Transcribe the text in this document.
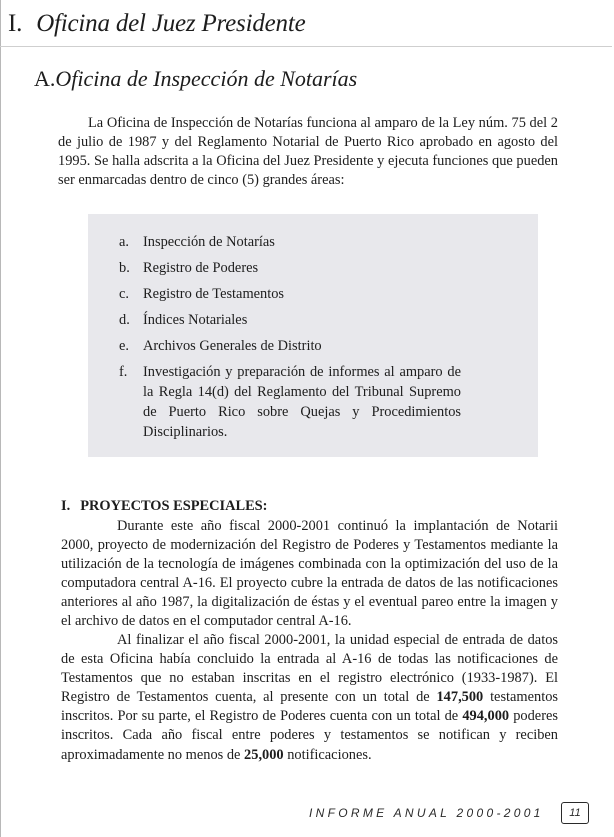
I. Oficina del Juez Presidente
A.Oficina de Inspección de Notarías

La Oficina de Inspección de Notarías funciona al amparo de la Ley núm. 75 del 2 de julio de 1987 y del Reglamento Notarial de Puerto Rico aprobado en agosto del 1995. Se halla adscrita a la Oficina del Juez Presidente y ejecuta funciones que pueden ser enmarcadas dentro de cinco (5) grandes áreas:

a. Inspección de Notarías
b. Registro de Poderes
c. Registro de Testamentos
d. Índices Notariales
e. Archivos Generales de Distrito
f.	Investigación y preparación de informes al amparo de la Regla 14(d) del Reglamento del Tribunal Supremo de Puerto Rico sobre Quejas y Procedimientos Disciplinarios.
I. PROYECTOS ESPECIALES:

Durante este año fiscal 2000-2001 continuó la implantación de Notarii 2000, proyecto de modernización del Registro de Poderes y Testamentos mediante la utilización de la tecnología de imágenes combinada con la optimización del uso de la computadora central A-16. El proyecto cubre la entrada de datos de las notificaciones anteriores al año 1987, la digitalización de éstas y el eventual pareo entre la imagen y el archivo de datos en el computador central A-16.

Al finalizar el año fiscal 2000-2001, la unidad especial de entrada de datos de esta Oficina había concluido la entrada al A-16 de todas las notificaciones de Testamentos que no estaban inscritas en el registro electrónico (1933-1987). El Registro de Testamentos cuenta, al presente con un total de 147,500 testamentos inscritos. Por su parte, el Registro de Poderes cuenta con un total de 494,000 poderes inscritos. Cada año fiscal entre poderes y testamentos se notifican y reciben aproximadamente no menos de 25,000 notificaciones.

INFORME ANUAL 2000-2001	11
